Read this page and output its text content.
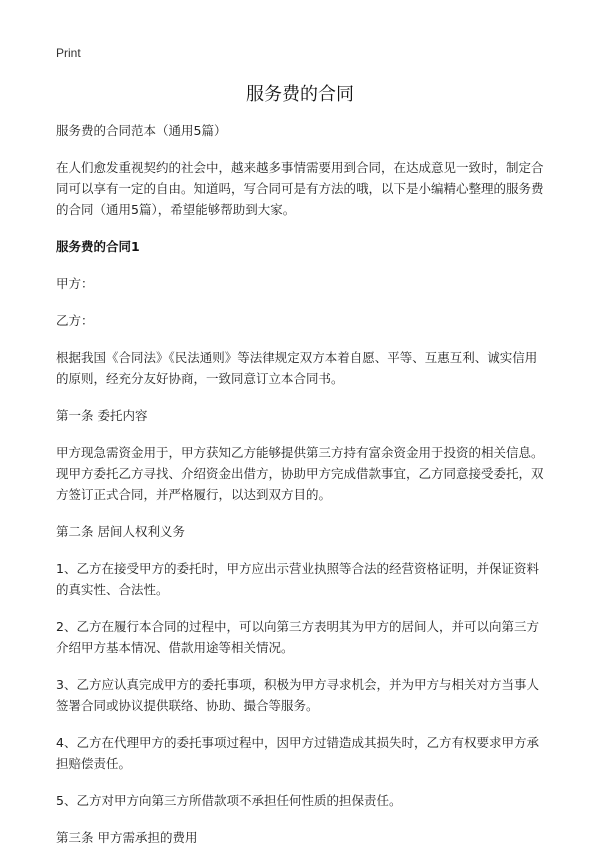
Print
服务费的合同

服务费的合同范本（通用5篇）

在人们愈发重视契约的社会中，越来越多事情需要用到合同，在达成意见一致时，制定合同可以享有一定的自由。知道吗，写合同可是有方法的哦，以下是小编精心整理的服务费的合同（通用5篇），希望能够帮助到大家。

服务费的合同1

甲方：

乙方：

根据我国《合同法》《民法通则》等法律规定双方本着自愿、平等、互惠互利、诚实信用的原则，经充分友好协商，一致同意订立本合同书。

第一条 委托内容

甲方现急需资金用于，甲方获知乙方能够提供第三方持有富余资金用于投资的相关信息。现甲方委托乙方寻找、介绍资金出借方，协助甲方完成借款事宜，乙方同意接受委托，双方签订正式合同，并严格履行，以达到双方目的。

第二条 居间人权利义务

1、乙方在接受甲方的委托时，甲方应出示营业执照等合法的经营资格证明，并保证资料的真实性、合法性。

2、乙方在履行本合同的过程中，可以向第三方表明其为甲方的居间人，并可以向第三方介绍甲方基本情况、借款用途等相关情况。

3、乙方应认真完成甲方的委托事项，积极为甲方寻求机会，并为甲方与相关对方当事人签署合同或协议提供联络、协助、撮合等服务。

4、乙方在代理甲方的委托事项过程中，因甲方过错造成其损失时，乙方有权要求甲方承担赔偿责任。

5、乙方对甲方向第三方所借款项不承担任何性质的担保责任。

第三条 甲方需承担的费用
